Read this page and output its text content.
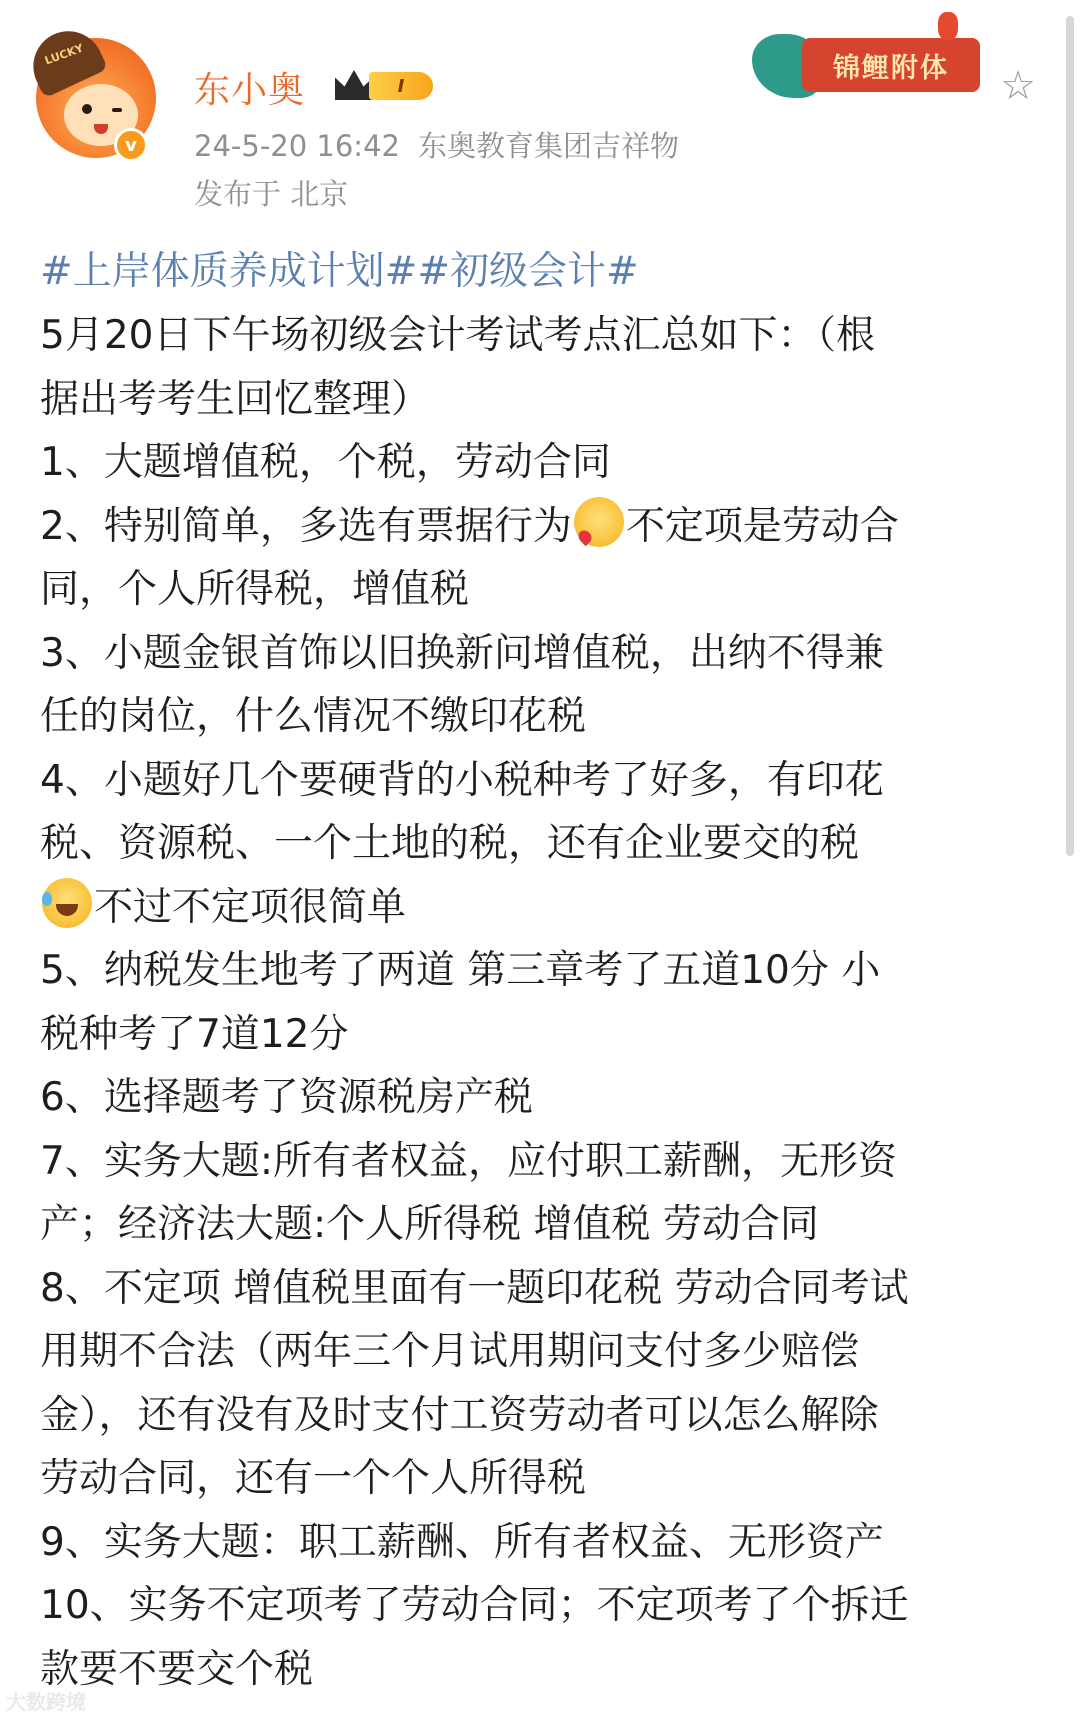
LUCKY
v
东小奥	I
24-5-20 16:42 东奥教育集团吉祥物
发布于 北京
锦鲤附体	☆
#上岸体质养成计划##初级会计#
5月20日下午场初级会计考试考点汇总如下：（根
据出考考生回忆整理）
1、大题增值税，个税，劳动合同
2、特别简单，多选有票据行为 不定项是劳动合
同，个人所得税，增值税
3、小题金银首饰以旧换新问增值税，出纳不得兼
任的岗位，什么情况不缴印花税
4、小题好几个要硬背的小税种考了好多，有印花
税、资源税、一个土地的税，还有企业要交的税
不过不定项很简单
5、纳税发生地考了两道 第三章考了五道10分 小
税种考了7道12分
6、选择题考了资源税房产税
7、实务大题:所有者权益，应付职工薪酬，无形资
产；经济法大题:个人所得税 增值税 劳动合同
8、不定项 增值税里面有一题印花税 劳动合同考试
用期不合法（两年三个月试用期问支付多少赔偿
金），还有没有及时支付工资劳动者可以怎么解除
劳动合同，还有一个个人所得税
9、实务大题：职工薪酬、所有者权益、无形资产
10、实务不定项考了劳动合同；不定项考了个拆迁
款要不要交个税
大数跨境
